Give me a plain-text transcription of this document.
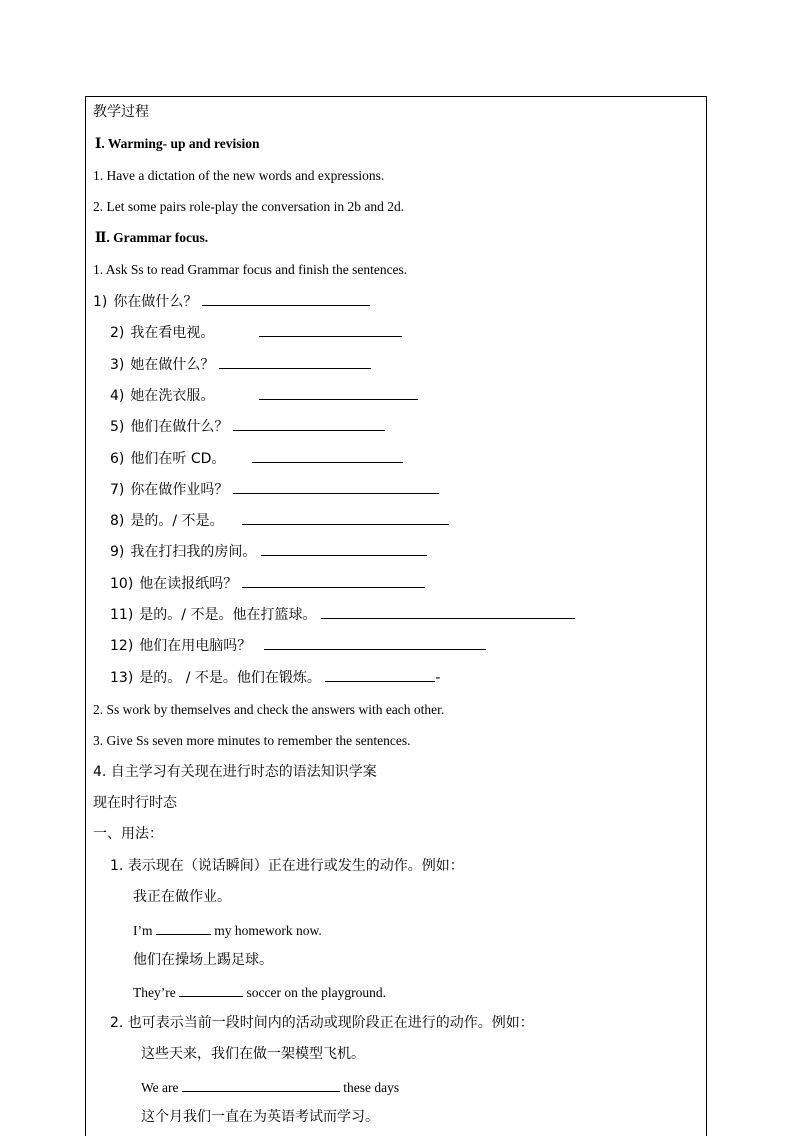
教学过程
Ⅰ. Warming- up and revision
1. Have a dictation of the new words and expressions.
2. Let some pairs role-play the conversation in 2b and 2d.
Ⅱ. Grammar focus.
1. Ask Ss to read Grammar focus and finish the sentences.
1) 你在做什么？
2) 我在看电视。
3) 她在做什么？
4) 她在洗衣服。
5) 他们在做什么？
6) 他们在听 CD。
7) 你在做作业吗？
8) 是的。/ 不是。
9) 我在打扫我的房间。
10) 他在读报纸吗？
11) 是的。/ 不是。他在打篮球。
12) 他们在用电脑吗？
13) 是的。 / 不是。他们在锻炼。	-
2. Ss work by themselves and check the answers with each other.
3. Give Ss seven more minutes to remember the sentences.
4. 自主学习有关现在进行时态的语法知识学案
现在时行时态
一、用法：
1. 表示现在（说话瞬间）正在进行或发生的动作。例如：
我正在做作业。
I’m	my homework now.
他们在操场上踢足球。
They’re	soccer on the playground.
2. 也可表示当前一段时间内的活动或现阶段正在进行的动作。例如：
这些天来，我们在做一架模型飞机。
We are	these days
这个月我们一直在为英语考试而学习。
